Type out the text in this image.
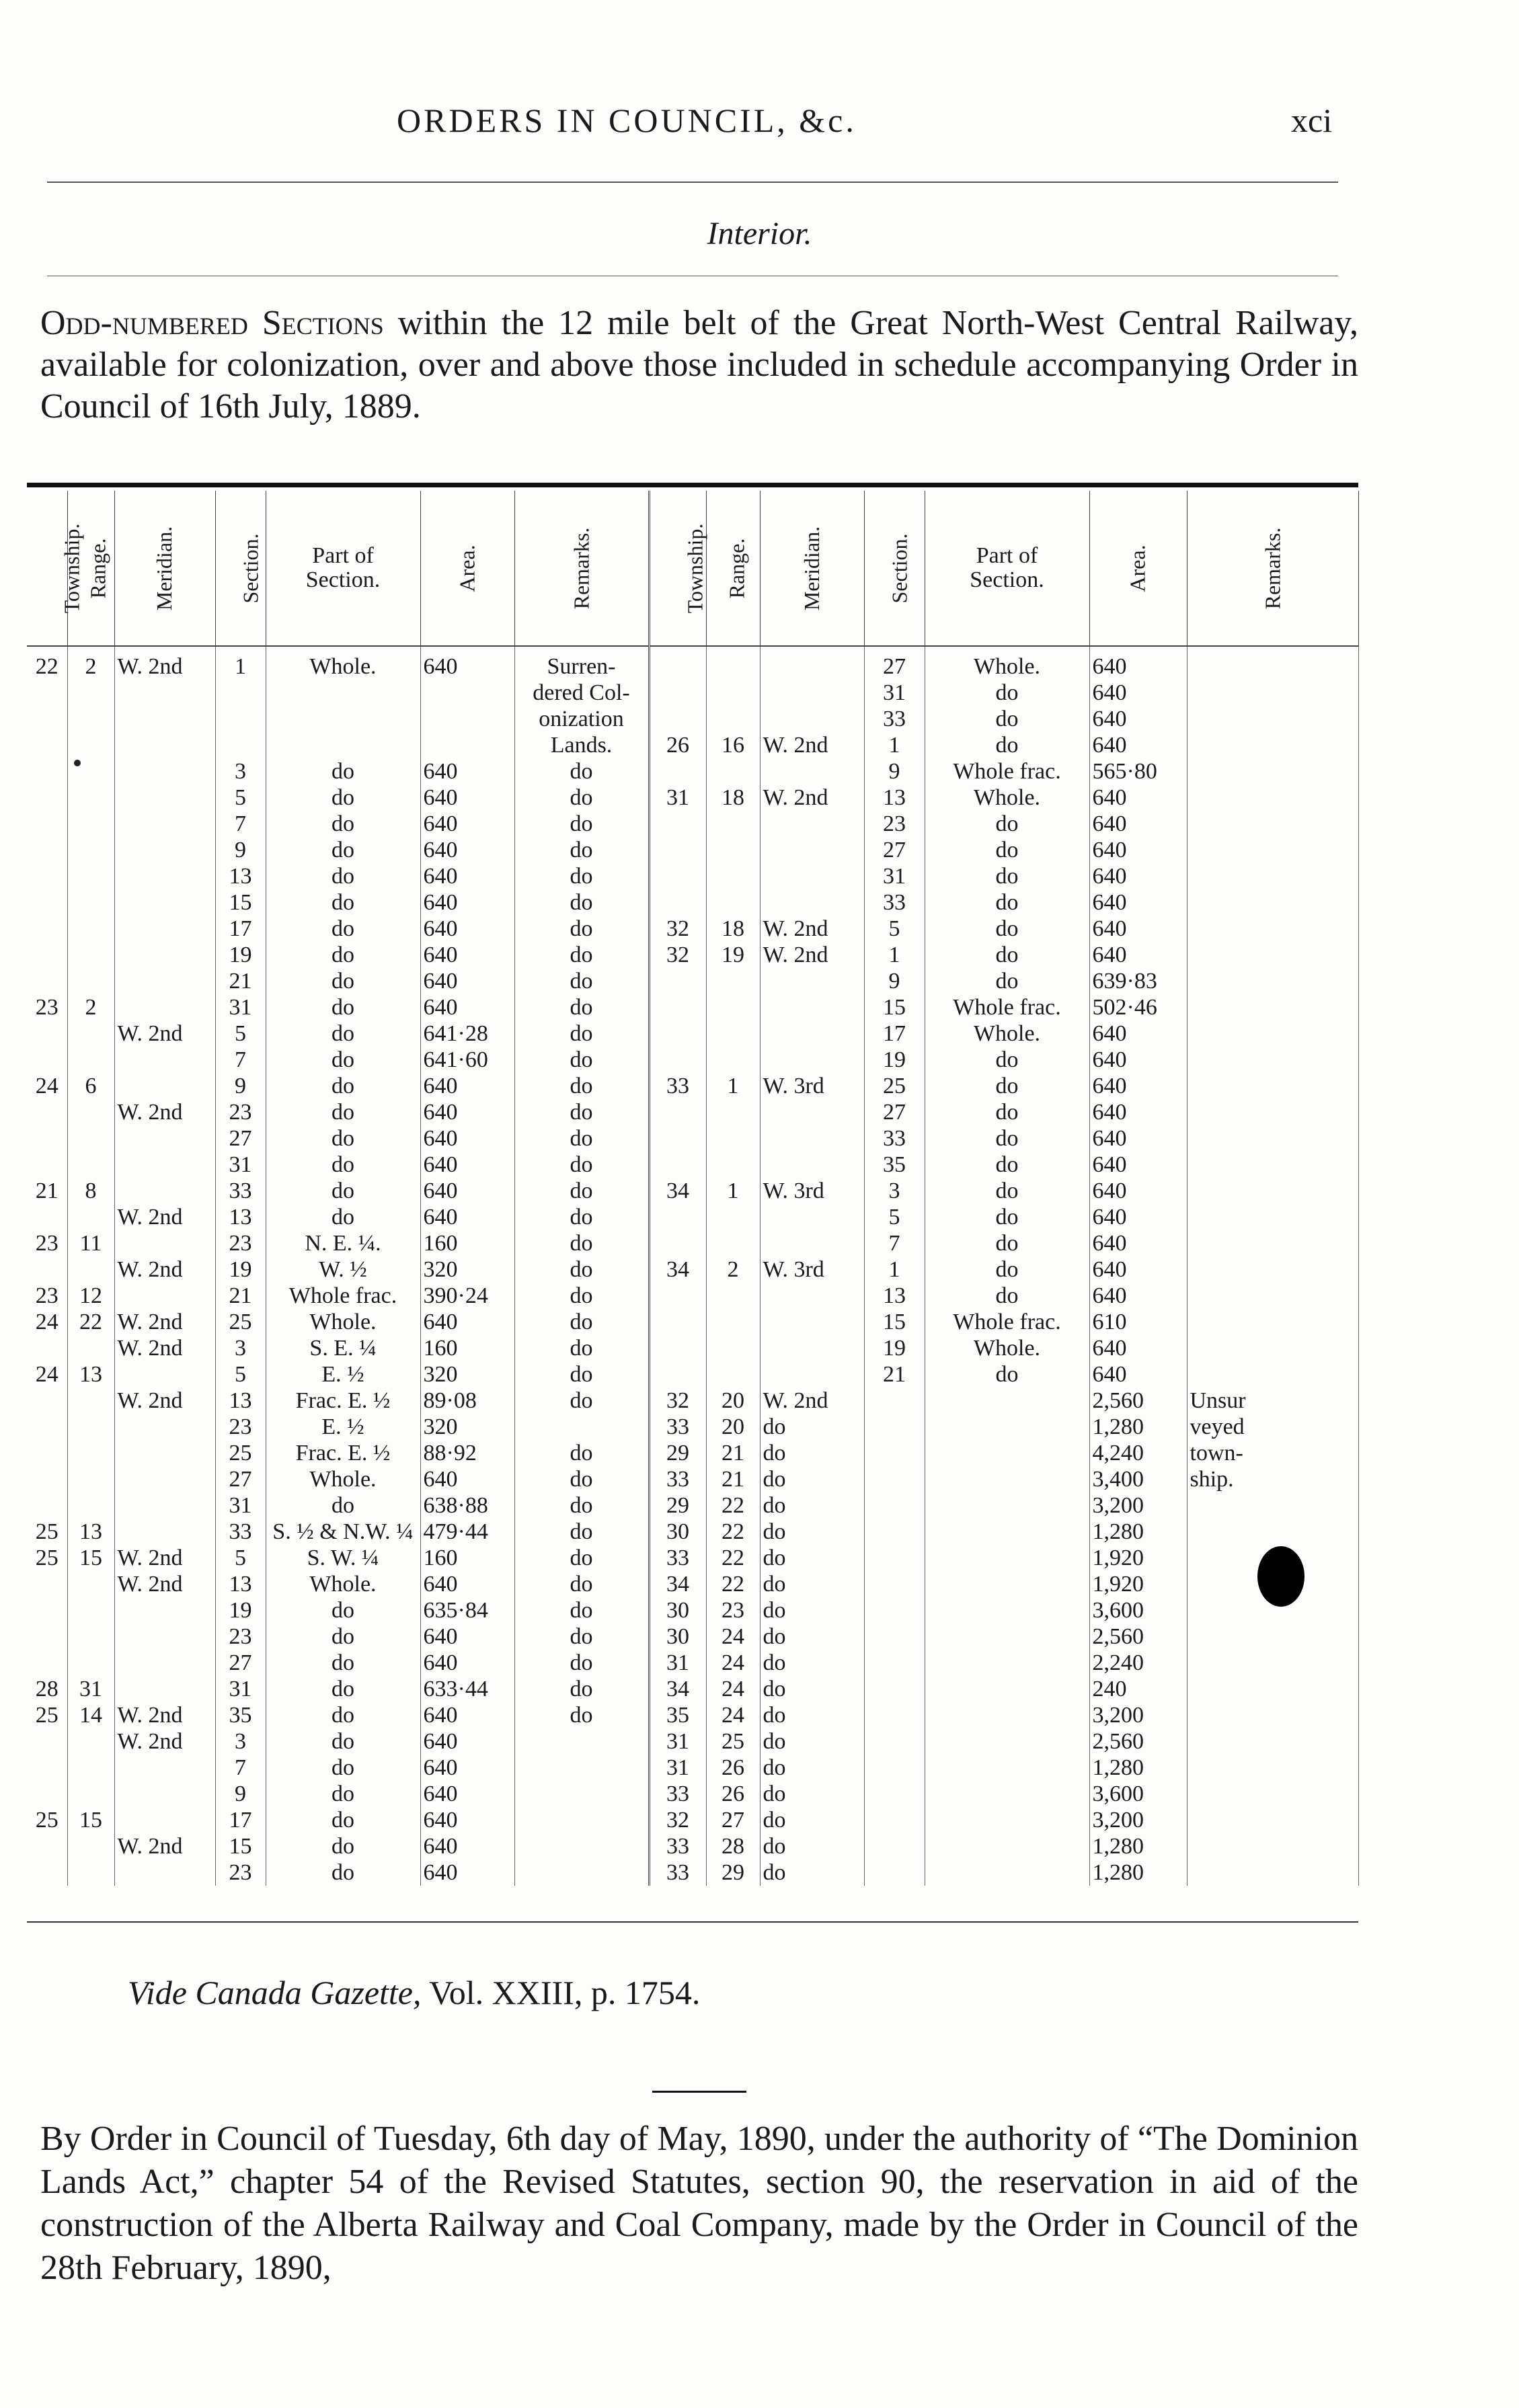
ORDERS IN COUNCIL, &c.	xci
Interior.
Odd-numbered Sections within the 12 mile belt of the Great North-West Central Railway, available for colonization, over and above those included in schedule accompanying Order in Council of 16th July, 1889.
Township.	Range.	Meridian.	Section.	Part of Section.	Area.	Remarks.	Township.	Range.	Meridian.	Section.	Part of Section.	Area.	Remarks.
22	2	W. 2nd	1	Whole.	640	Surren-				27	Whole.	640	
						dered Col-				31	do	640	
						onization				33	do	640	
						Lands.	26	16	W. 2nd	1	do	640	
			3	do	640	do				9	Whole frac.	565·80	
			5	do	640	do	31	18	W. 2nd	13	Whole.	640	
			7	do	640	do				23	do	640	
			9	do	640	do				27	do	640	
			13	do	640	do				31	do	640	
			15	do	640	do				33	do	640	
			17	do	640	do	32	18	W. 2nd	5	do	640	
			19	do	640	do	32	19	W. 2nd	1	do	640	
			21	do	640	do				9	do	639·83	
23	2		31	do	640	do				15	Whole frac.	502·46	
		W. 2nd	5	do	641·28	do				17	Whole.	640	
			7	do	641·60	do				19	do	640	
24	6		9	do	640	do	33	1	W. 3rd	25	do	640	
		W. 2nd	23	do	640	do				27	do	640	
			27	do	640	do				33	do	640	
			31	do	640	do				35	do	640	
21	8		33	do	640	do	34	1	W. 3rd	3	do	640	
		W. 2nd	13	do	640	do				5	do	640	
23	11		23	N. E. ¼.	160	do				7	do	640	
		W. 2nd	19	W. ½	320	do	34	2	W. 3rd	1	do	640	
23	12		21	Whole frac.	390·24	do				13	do	640	
24	22	W. 2nd	25	Whole.	640	do				15	Whole frac.	610	
		W. 2nd	3	S. E. ¼	160	do				19	Whole.	640	
24	13		5	E. ½	320	do				21	do	640	
		W. 2nd	13	Frac. E. ½	89·08	do	32	20	W. 2nd			2,560	Unsur
			23	E. ½	320		33	20	do			1,280	veyed
			25	Frac. E. ½	88·92	do	29	21	do			4,240	town-
			27	Whole.	640	do	33	21	do			3,400	ship.
			31	do	638·88	do	29	22	do			3,200	
25	13		33	S. ½ & N.W. ¼	479·44	do	30	22	do			1,280	
25	15	W. 2nd	5	S. W. ¼	160	do	33	22	do			1,920	
		W. 2nd	13	Whole.	640	do	34	22	do			1,920	
			19	do	635·84	do	30	23	do			3,600	
			23	do	640	do	30	24	do			2,560	
			27	do	640	do	31	24	do			2,240	
28	31		31	do	633·44	do	34	24	do			240	
25	14	W. 2nd	35	do	640	do	35	24	do			3,200	
		W. 2nd	3	do	640		31	25	do			2,560	
			7	do	640		31	26	do			1,280	
			9	do	640		33	26	do			3,600	
25	15		17	do	640		32	27	do			3,200	
		W. 2nd	15	do	640		33	28	do			1,280	
			23	do	640		33	29	do			1,280	
Vide Canada Gazette, Vol. XXIII, p. 1754.
By Order in Council of Tuesday, 6th day of May, 1890, under the authority of “The Dominion Lands Act,” chapter 54 of the Revised Statutes, section 90, the reservation in aid of the construction of the Alberta Railway and Coal Company, made by the Order in Council of the 28th February, 1890,
